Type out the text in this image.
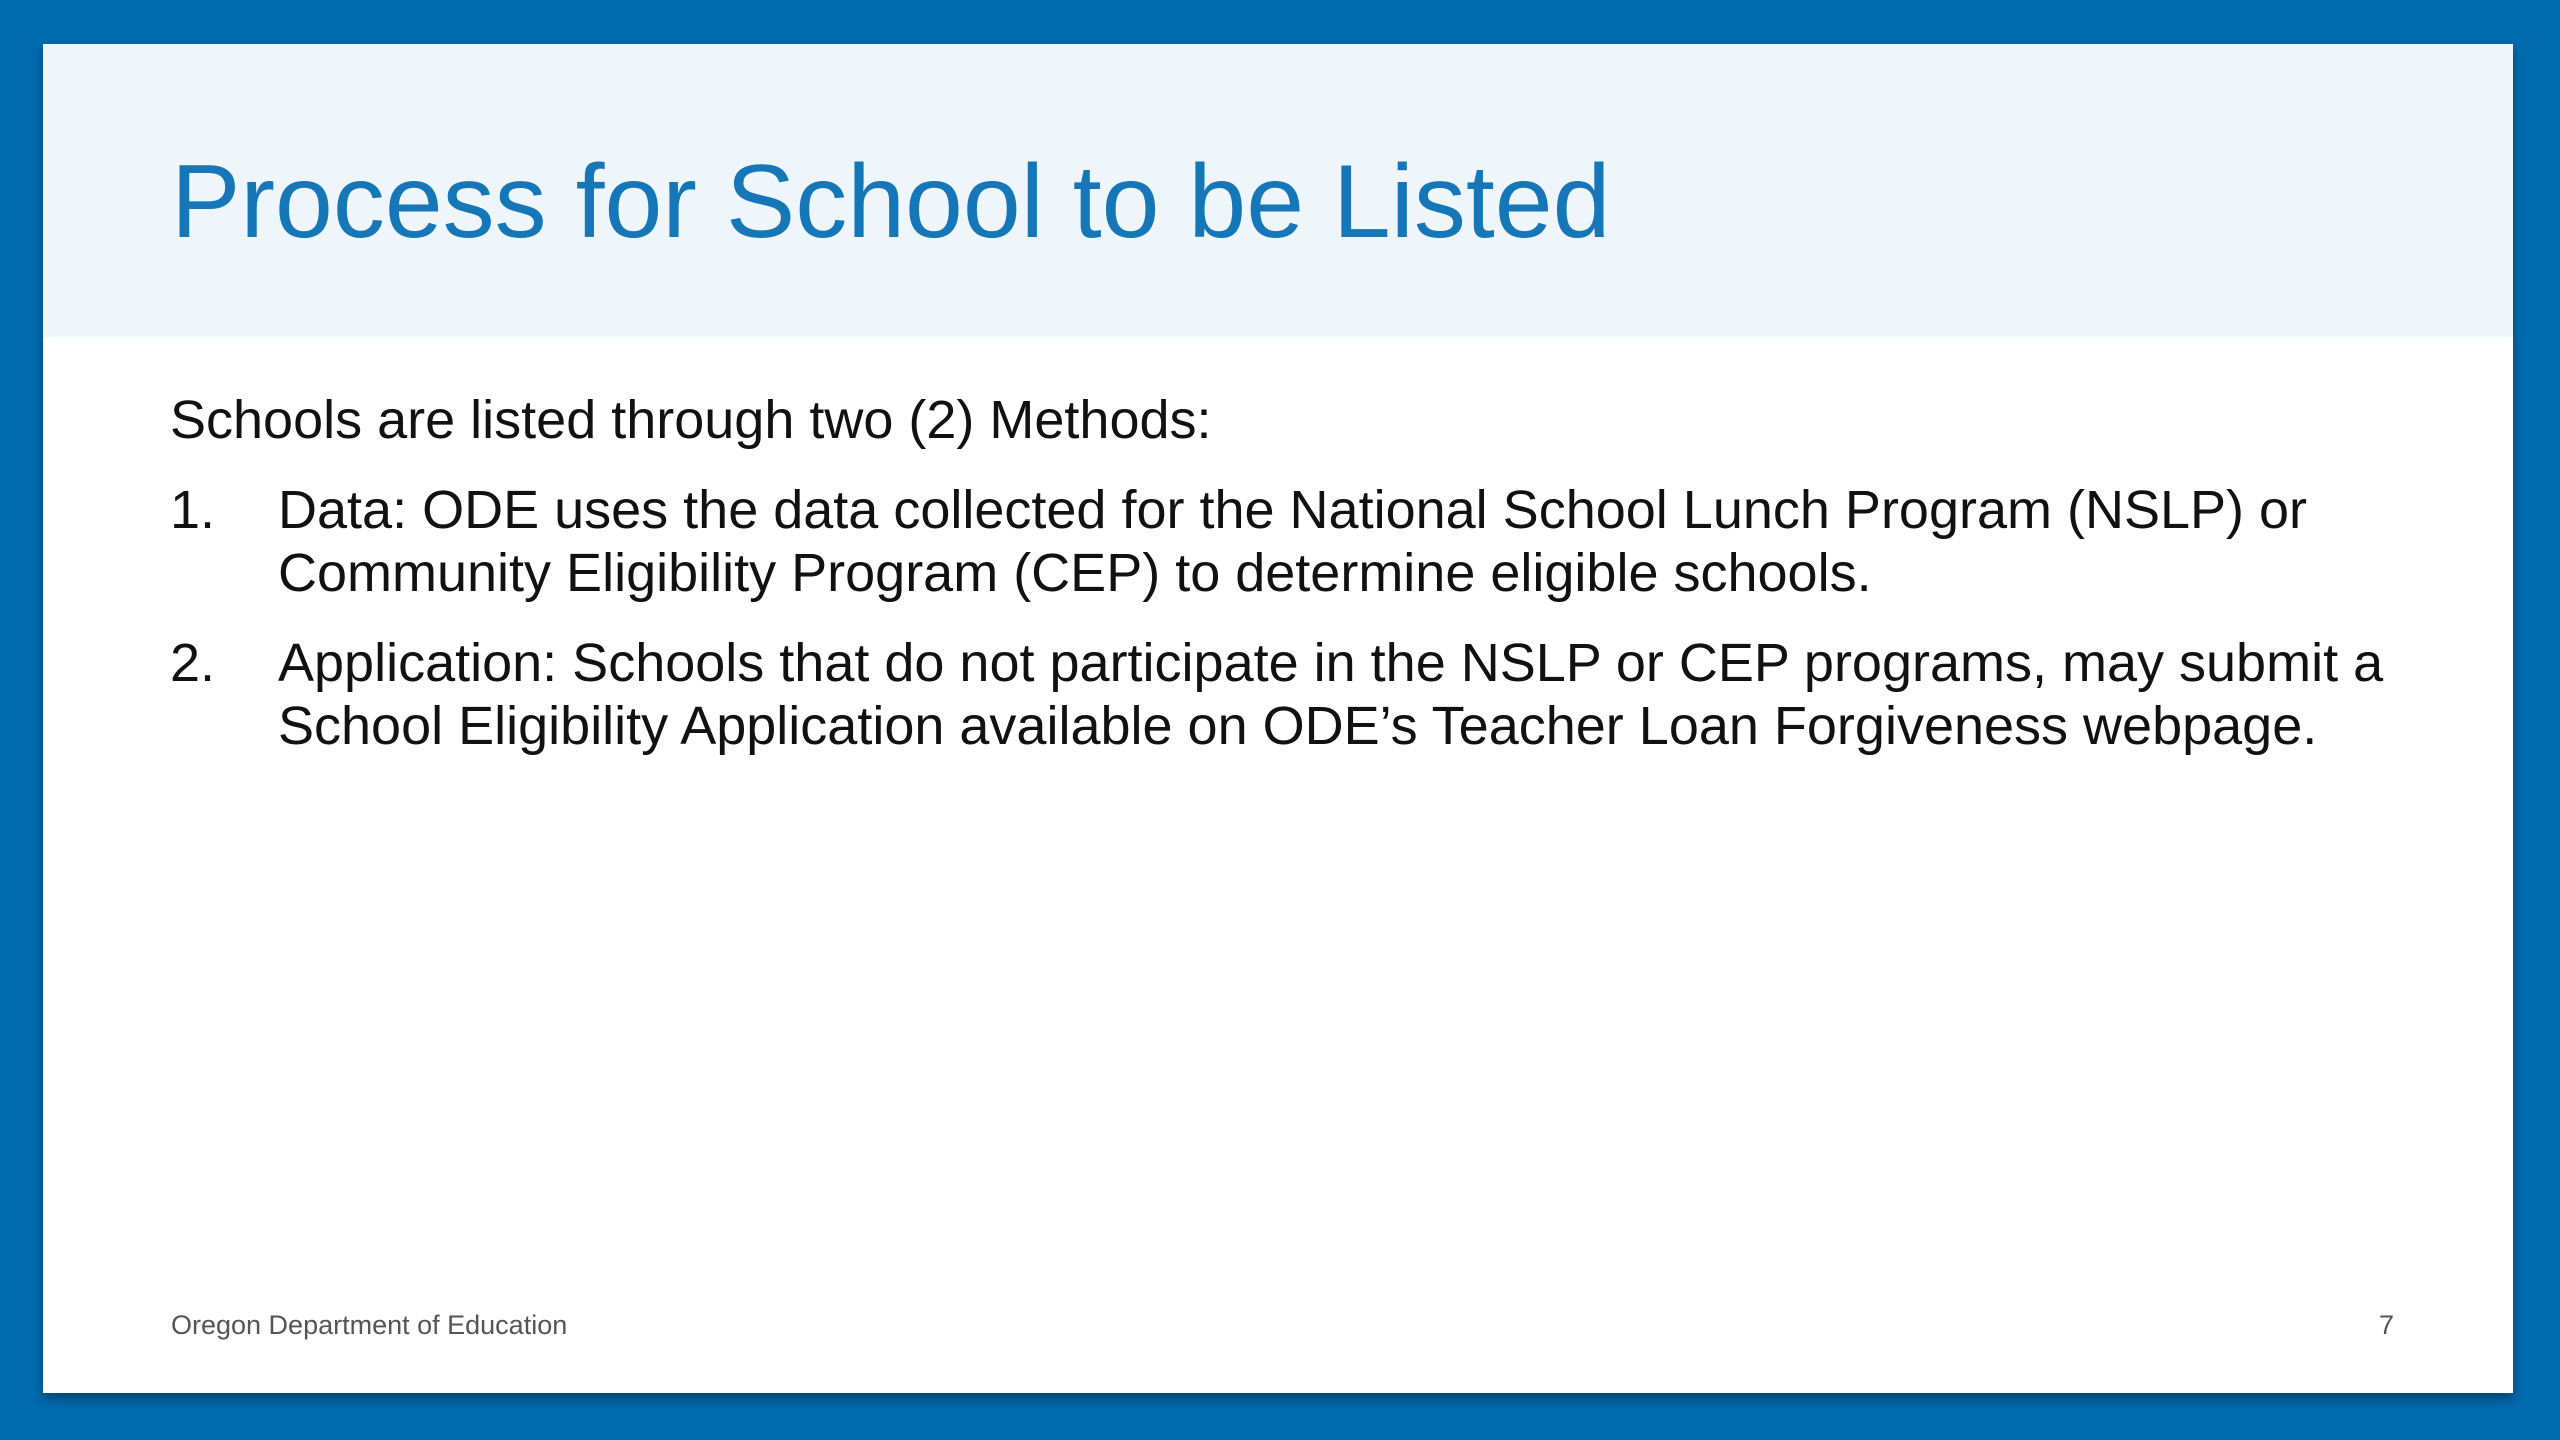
Process for School to be Listed

Schools are listed through two (2) Methods:

1. Data: ODE uses the data collected for the National School Lunch Program (NSLP) or Community Eligibility Program (CEP) to determine eligible schools.
2. Application: Schools that do not participate in the NSLP or CEP programs, may submit a School Eligibility Application available on ODE’s Teacher Loan Forgiveness webpage.
Oregon Department of Education	7
